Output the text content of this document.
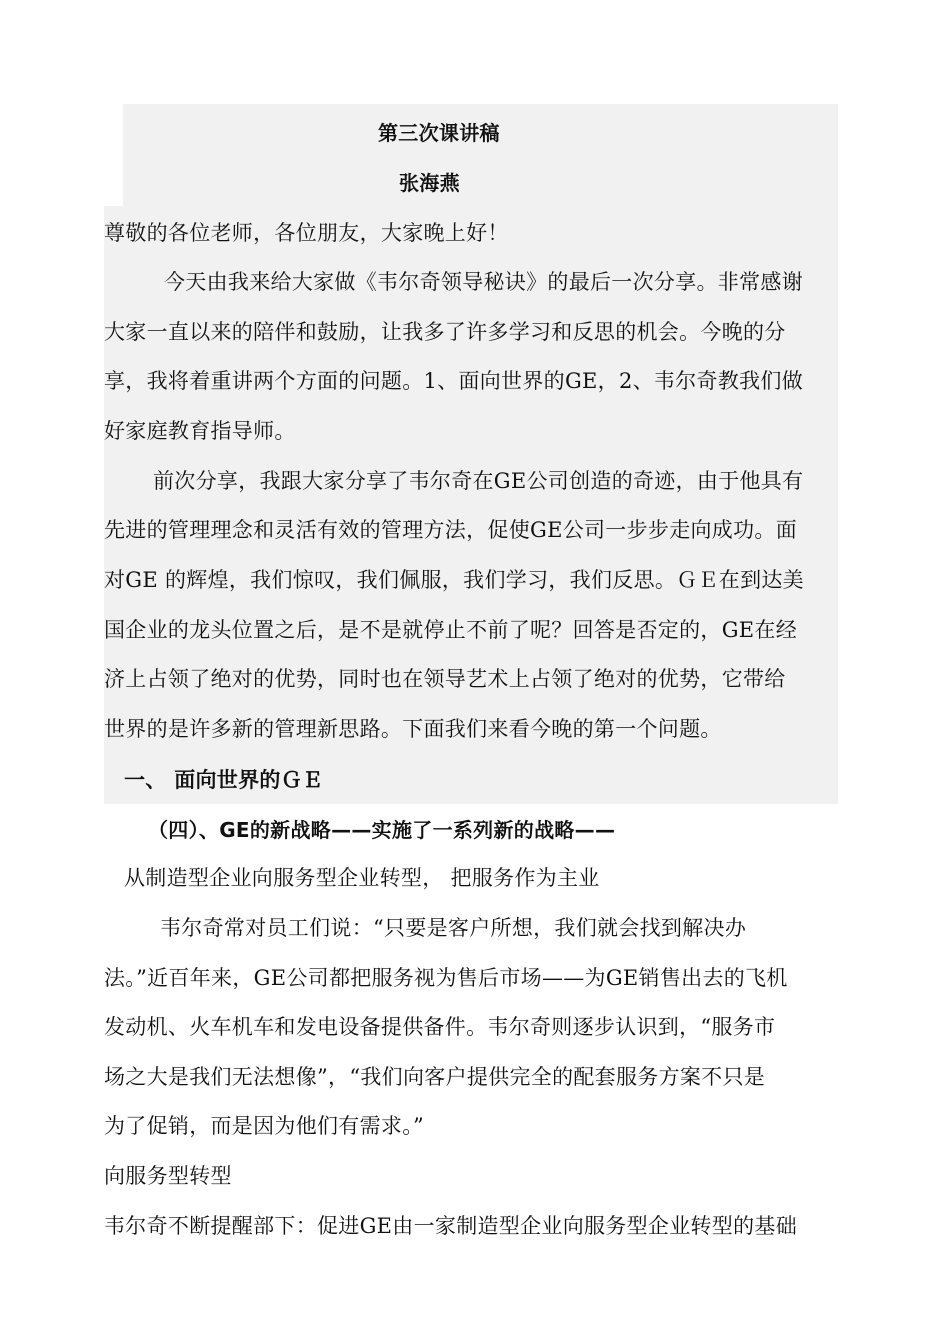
第三次课讲稿
张海燕
尊敬的各位老师，各位朋友，大家晚上好！
今天由我来给大家做《韦尔奇领导秘诀》的最后一次分享。非常感谢
大家一直以来的陪伴和鼓励，让我多了许多学习和反思的机会。今晚的分
享，我将着重讲两个方面的问题。1、面向世界的GE，2、韦尔奇教我们做
好家庭教育指导师。
前次分享，我跟大家分享了韦尔奇在GE公司创造的奇迹，由于他具有
先进的管理理念和灵活有效的管理方法，促使GE公司一步步走向成功。面
对GE 的辉煌，我们惊叹，我们佩服，我们学习，我们反思。ＧＥ在到达美
国企业的龙头位置之后，是不是就停止不前了呢？回答是否定的，GE在经
济上占领了绝对的优势，同时也在领导艺术上占领了绝对的优势，它带给
世界的是许多新的管理新思路。下面我们来看今晚的第一个问题。
一、 面向世界的ＧＥ
（四）、GE的新战略——实施了一系列新的战略——
从制造型企业向服务型企业转型， 把服务作为主业
韦尔奇常对员工们说：“只要是客户所想，我们就会找到解决办
法。”近百年来，GE公司都把服务视为售后市场——为GE销售出去的飞机
发动机、火车机车和发电设备提供备件。韦尔奇则逐步认识到，“服务市
场之大是我们无法想像”，“我们向客户提供完全的配套服务方案不只是
为了促销，而是因为他们有需求。”
向服务型转型
韦尔奇不断提醒部下：促进GE由一家制造型企业向服务型企业转型的基础
